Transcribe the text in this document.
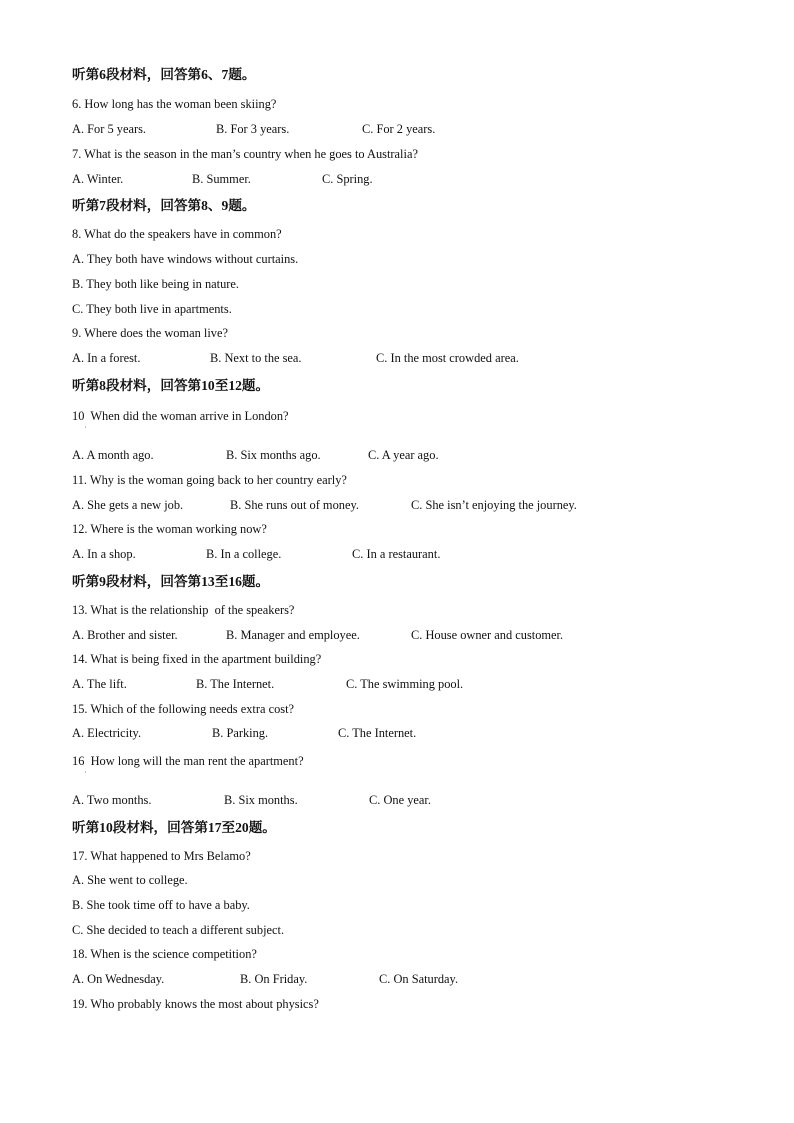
听第6段材料，回答第6、7题。
6. How long has the woman been skiing?
A. For 5 years.	B. For 3 years.	C. For 2 years.
7. What is the season in the man’s country when he goes to Australia?
A. Winter.	B. Summer.	C. Spring.
听第7段材料，回答第8、9题。
8. What do the speakers have in common?
A. They both have windows without curtains.
B. They both like being in nature.
C. They both live in apartments.
9. Where does the woman live?
A. In a forest.	B. Next to the sea.	C. In the most crowded area.
听第8段材料，回答第10至12题。
10  When did the woman arrive in London?
˙
A. A month ago.	B. Six months ago.	C. A year ago.
11. Why is the woman going back to her country early?
A. She gets a new job.	B. She runs out of money.	C. She isn’t enjoying the journey.
12. Where is the woman working now?
A. In a shop.	B. In a college.	C. In a restaurant.
听第9段材料，回答第13至16题。
13. What is the relationship  of the speakers?
A. Brother and sister.	B. Manager and employee.	C. House owner and customer.
14. What is being fixed in the apartment building?
A. The lift.	B. The Internet.	C. The swimming pool.
15. Which of the following needs extra cost?
A. Electricity.	B. Parking.	C. The Internet.
16  How long will the man rent the apartment?
˙
A. Two months.	B. Six months.	C. One year.
听第10段材料，回答第17至20题。
17. What happened to Mrs Belamo?
A. She went to college.
B. She took time off to have a baby.
C. She decided to teach a different subject.
18. When is the science competition?
A. On Wednesday.	B. On Friday.	C. On Saturday.
19. Who probably knows the most about physics?
